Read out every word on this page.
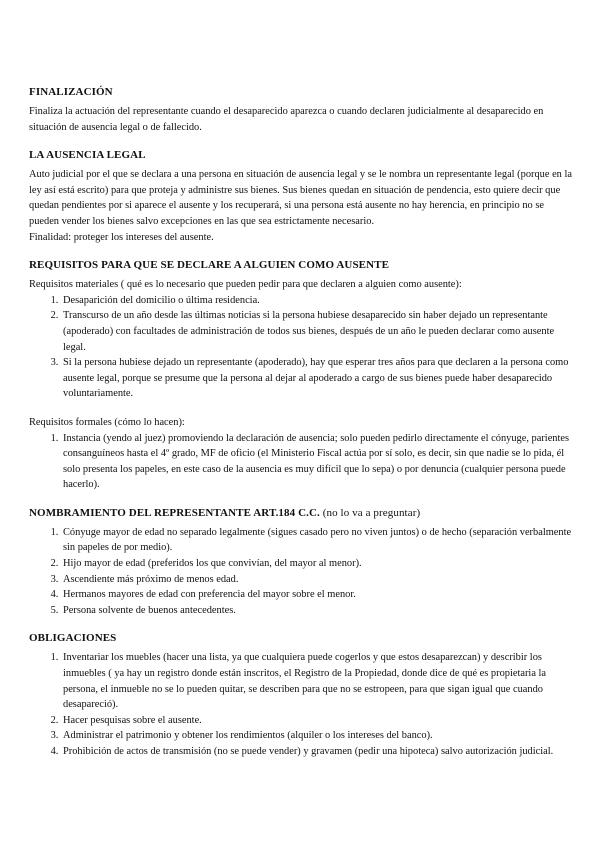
FINALIZACIÓN

Finaliza la actuación del representante cuando el desaparecido aparezca o cuando declaren judicialmente al desaparecido en situación de ausencia legal o de fallecido.

LA AUSENCIA LEGAL

Auto judicial por el que se declara a una persona en situación de ausencia legal y se le nombra un representante legal (porque en la ley así está escrito) para que proteja y administre sus bienes. Sus bienes quedan en situación de pendencia, esto quiere decir que quedan pendientes por si aparece el ausente y los recuperará, si una persona está ausente no hay herencia, en principio no se pueden vender los bienes salvo excepciones en las que sea estrictamente necesario.

Finalidad: proteger los intereses del ausente.

REQUISITOS PARA QUE SE DECLARE A ALGUIEN COMO AUSENTE

Requisitos materiales ( qué es lo necesario que pueden pedir para que declaren a alguien como ausente):

1. Desaparición del domicilio o última residencia.
2. Transcurso de un año desde las últimas noticias si la persona hubiese desaparecido sin haber dejado un representante (apoderado) con facultades de administración de todos sus bienes, después de un año le pueden declarar como ausente legal.
3. Si la persona hubiese dejado un representante (apoderado), hay que esperar tres años para que declaren a la persona como ausente legal, porque se presume que la persona al dejar al apoderado a cargo de sus bienes puede haber desaparecido voluntariamente.

Requisitos formales (cómo lo hacen):

1. Instancia (yendo al juez) promoviendo la declaración de ausencia; solo pueden pedirlo directamente el cónyuge, parientes consanguíneos hasta el 4º grado, MF de oficio (el Ministerio Fiscal actúa por sí solo, es decir, sin que nadie se lo pida, él solo presenta los papeles, en este caso de la ausencia es muy difícil que lo sepa) o por denuncia (cualquier persona puede hacerlo).
NOMBRAMIENTO DEL REPRESENTANTE ART.184 C.C. (no lo va a preguntar)
1. Cónyuge mayor de edad no separado legalmente (sigues casado pero no viven juntos) o de hecho (separación verbalmente sin papeles de por medio).
2. Hijo mayor de edad (preferidos los que convivían, del mayor al menor).
3. Ascendiente más próximo de menos edad.
4. Hermanos mayores de edad con preferencia del mayor sobre el menor.
5. Persona solvente de buenos antecedentes.
OBLIGACIONES
1. Inventariar los muebles (hacer una lista, ya que cualquiera puede cogerlos y que estos desaparezcan) y describir los inmuebles ( ya hay un registro donde están inscritos, el Registro de la Propiedad, donde dice de qué es propietaria la persona, el inmueble no se lo pueden quitar, se describen para que no se estropeen, para que sigan igual que cuando desapareció).
2. Hacer pesquisas sobre el ausente.
3. Administrar el patrimonio y obtener los rendimientos (alquiler o los intereses del banco).
4. Prohibición de actos de transmisión (no se puede vender) y gravamen (pedir una hipoteca) salvo autorización judicial.
